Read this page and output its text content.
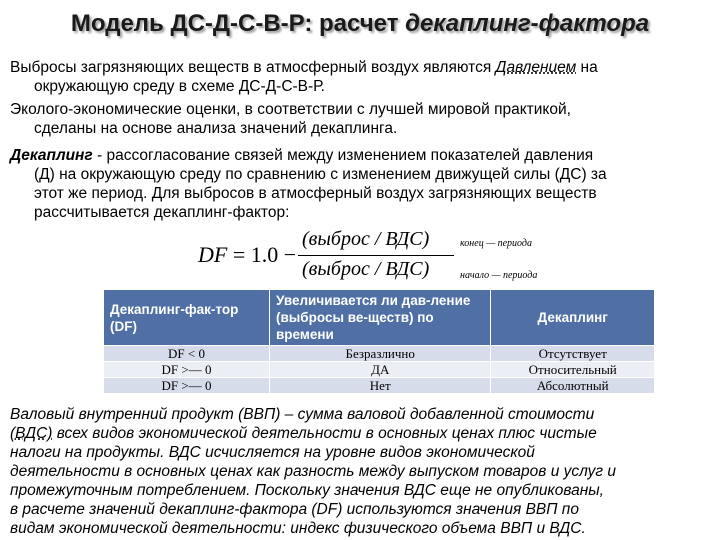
Модель ДС-Д-С-В-Р: расчет декаплинг-фактора
Выбросы загрязняющих веществ в атмосферный воздух являются Давлением на
окружающую среду в схеме ДС-Д-С-В-Р.
Эколого-экономические оценки, в соответствии с лучшей мировой практикой,
сделаны на основе анализа значений декаплинга.
Декаплинг - рассогласование связей между изменением показателей давления
(Д) на окружающую среду по сравнению с изменением движущей силы (ДС) за
этот же период. Для выбросов в атмосферный воздух загрязняющих веществ
рассчитывается декаплинг-фактор:
DF = 1.0 −
(выброс / ВДС)
(выброс / ВДС)
конец — периода
начало — периода
Декаплинг-фак-тор (DF)	Увеличивается ли дав-ление (выбросы ве-ществ) по времени	Декаплинг
DF < 0	Безразлично	Отсутствует
DF >— 0	ДА	Относительный
DF >— 0	Нет	Абсолютный
Валовый внутренний продукт (ВВП) – сумма валовой добавленной стоимости
(ВДС) всех видов экономической деятельности в основных ценах плюс чистые
налоги на продукты. ВДС исчисляется на уровне видов экономической
деятельности в основных ценах как разность между выпуском товаров и услуг и
промежуточным потреблением. Поскольку значения ВДС еще не опубликованы,
в расчете значений декаплинг-фактора (DF) используются значения ВВП по
видам экономической деятельности: индекс физического объема ВВП и ВДС.
